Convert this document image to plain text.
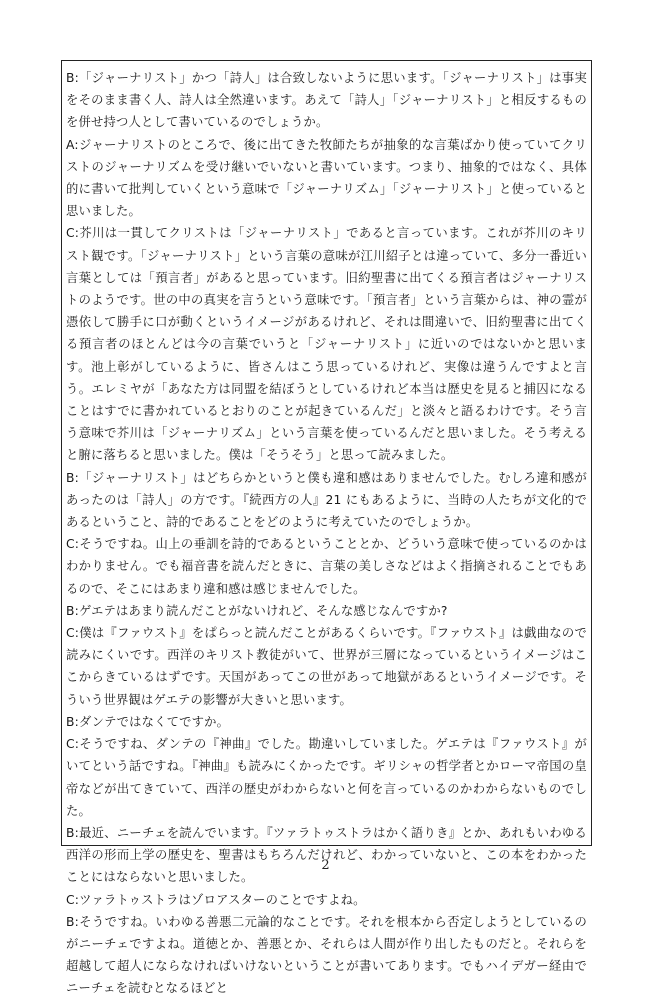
B:「ジャーナリスト」かつ「詩人」は合致しないように思います。「ジャーナリスト」は事実をそのまま書く人、詩人は全然違います。あえて「詩人」「ジャーナリスト」と相反するものを併せ持つ人として書いているのでしょうか。

A:ジャーナリストのところで、後に出てきた牧師たちが抽象的な言葉ばかり使っていてクリストのジャーナリズムを受け継いでいないと書いています。つまり、抽象的ではなく、具体的に書いて批判していくという意味で「ジャーナリズム」「ジャーナリスト」と使っていると思いました。

C:芥川は一貫してクリストは「ジャーナリスト」であると言っています。これが芥川のキリスト観です。「ジャーナリスト」という言葉の意味が江川紹子とは違っていて、多分一番近い言葉としては「預言者」があると思っています。旧約聖書に出てくる預言者はジャーナリストのようです。世の中の真実を言うという意味です。「預言者」という言葉からは、神の霊が憑依して勝手に口が動くというイメージがあるけれど、それは間違いで、旧約聖書に出てくる預言者のほとんどは今の言葉でいうと「ジャーナリスト」に近いのではないかと思います。池上彰がしているように、皆さんはこう思っているけれど、実像は違うんですよと言う。エレミヤが「あなた方は同盟を結ぼうとしているけれど本当は歴史を見ると捕囚になることはすでに書かれているとおりのことが起きているんだ」と淡々と語るわけです。そう言う意味で芥川は「ジャーナリズム」という言葉を使っているんだと思いました。そう考えると腑に落ちると思いました。僕は「そうそう」と思って読みました。

B:「ジャーナリスト」はどちらかというと僕も違和感はありませんでした。むしろ違和感があったのは「詩人」の方です。『続西方の人』21 にもあるように、当時の人たちが文化的であるということ、詩的であることをどのように考えていたのでしょうか。

C:そうですね。山上の垂訓を詩的であるということとか、どういう意味で使っているのかはわかりません。でも福音書を読んだときに、言葉の美しさなどはよく指摘されることでもあるので、そこにはあまり違和感は感じませんでした。

B:ゲエテはあまり読んだことがないけれど、そんな感じなんですか?

C:僕は『ファウスト』をぱらっと読んだことがあるくらいです。『ファウスト』は戯曲なので読みにくいです。西洋のキリスト教徒がいて、世界が三層になっているというイメージはここからきているはずです。天国があってこの世があって地獄があるというイメージです。そういう世界観はゲエテの影響が大きいと思います。

B:ダンテではなくてですか。

C:そうですね、ダンテの『神曲』でした。勘違いしていました。ゲエテは『ファウスト』がいてという話ですね。『神曲』も読みにくかったです。ギリシャの哲学者とかローマ帝国の皇帝などが出てきていて、西洋の歴史がわからないと何を言っているのかわからないものでした。

B:最近、ニーチェを読んでいます。『ツァラトゥストラはかく語りき』とか、あれもいわゆる西洋の形而上学の歴史を、聖書はもちろんだけれど、わかっていないと、この本をわかったことにはならないと思いました。

C:ツァラトゥストラはゾロアスターのことですよね。

B:そうですね。いわゆる善悪二元論的なことです。それを根本から否定しようとしているのがニーチェですよね。道徳とか、善悪とか、それらは人間が作り出したものだと。それらを超越して超人にならなければいけないということが書いてあります。でもハイデガー経由でニーチェを読むとなるほどと

2
